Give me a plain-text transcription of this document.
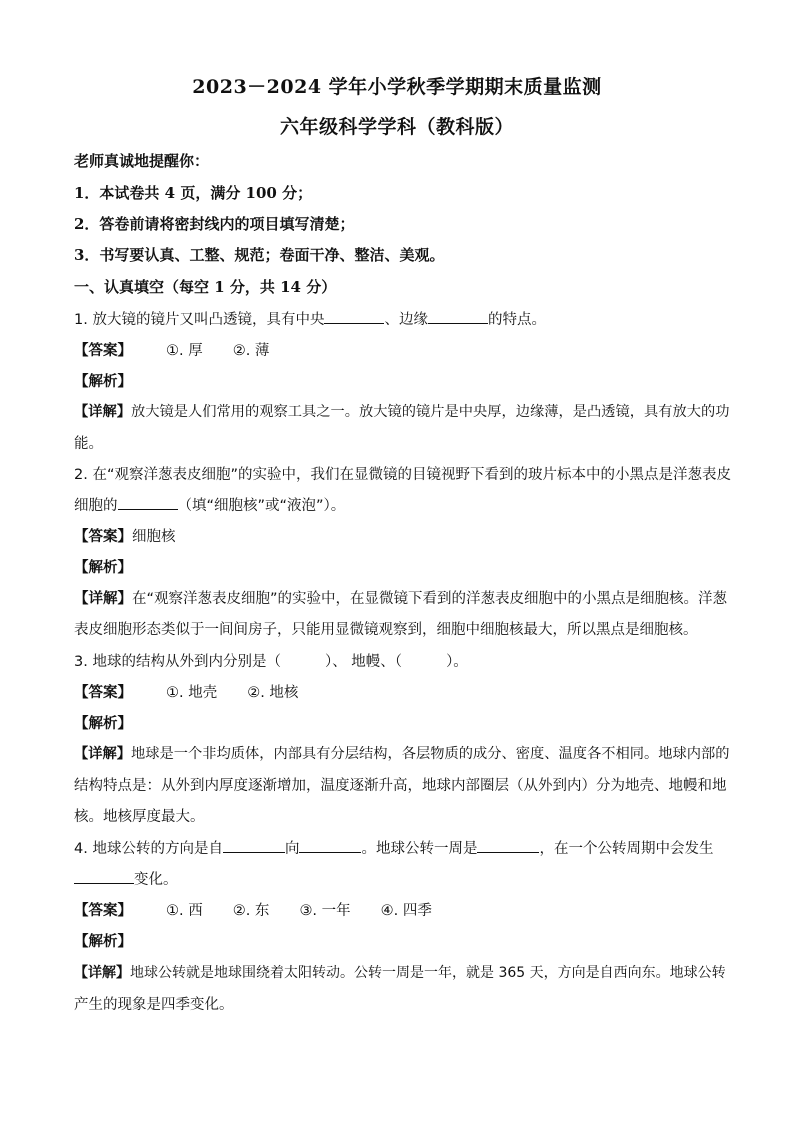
2023－2024 学年小学秋季学期期末质量监测
六年级科学学科（教科版）
老师真诚地提醒你：
1．本试卷共 4 页，满分 100 分；
2．答卷前请将密封线内的项目填写清楚；
3．书写要认真、工整、规范；卷面干净、整洁、美观。
一、认真填空（每空 1 分，共 14 分）
1. 放大镜的镜片又叫凸透镜，具有中央	、边缘	的特点。
【答案】 ①. 厚 ②. 薄
【解析】
【详解】放大镜是人们常用的观察工具之一。放大镜的镜片是中央厚，边缘薄，是凸透镜，具有放大的功
能。
2. 在“观察洋葱表皮细胞”的实验中，我们在显微镜的目镜视野下看到的玻片标本中的小黑点是洋葱表皮
细胞的	（填“细胞核”或“液泡”）。
【答案】细胞核
【解析】
【详解】在“观察洋葱表皮细胞”的实验中，在显微镜下看到的洋葱表皮细胞中的小黑点是细胞核。洋葱
表皮细胞形态类似于一间间房子，只能用显微镜观察到，细胞中细胞核最大，所以黑点是细胞核。
3. 地球的结构从外到内分别是（	）、 地幔、（	）。
【答案】 ①. 地壳 ②. 地核
【解析】
【详解】地球是一个非均质体，内部具有分层结构，各层物质的成分、密度、温度各不相同。地球内部的
结构特点是：从外到内厚度逐渐增加，温度逐渐升高，地球内部圈层（从外到内）分为地壳、地幔和地
核。地核厚度最大。
4. 地球公转的方向是自	向	。地球公转一周是	，在一个公转周期中会发生
变化。
【答案】 ①. 西 ②. 东 ③. 一年 ④. 四季
【解析】
【详解】地球公转就是地球围绕着太阳转动。公转一周是一年，就是 365 天，方向是自西向东。地球公转
产生的现象是四季变化。
